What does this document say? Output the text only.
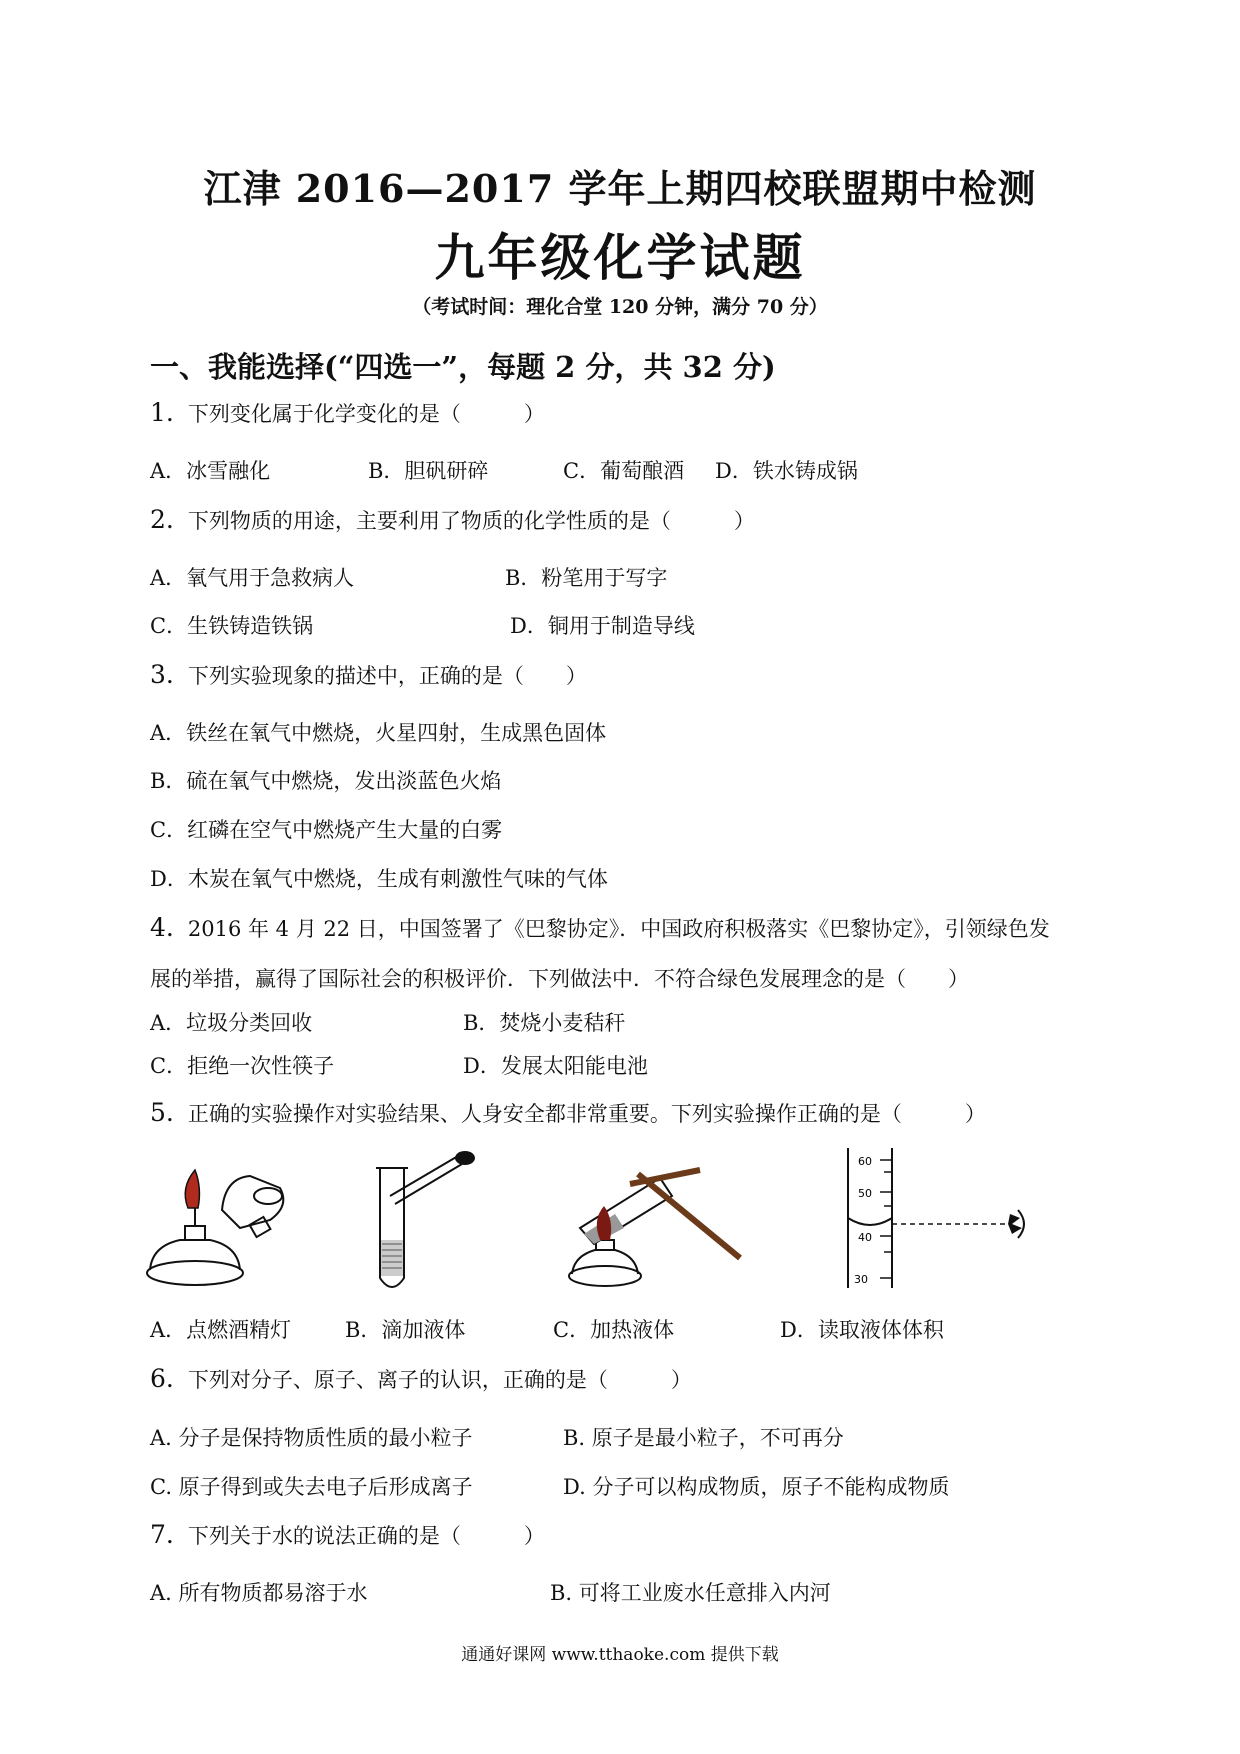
江津 2016—2017 学年上期四校联盟期中检测
九年级化学试题
（考试时间：理化合堂 120 分钟，满分 70 分）
一、我能选择(“四选一”，每题 2 分，共 32 分)
1. 下列变化属于化学变化的是（　　　）
A．冰雪融化	B．胆矾研碎	C．葡萄酿酒 D．铁水铸成锅
2. 下列物质的用途，主要利用了物质的化学性质的是（　　　）
A．氧气用于急救病人	B．粉笔用于写字
C．生铁铸造铁锅	D．铜用于制造导线
3. 下列实验现象的描述中，正确的是（　　）
A．铁丝在氧气中燃烧，火星四射，生成黑色固体
B．硫在氧气中燃烧，发出淡蓝色火焰
C．红磷在空气中燃烧产生大量的白雾
D．木炭在氧气中燃烧，生成有刺激性气味的气体
4. 2016 年 4 月 22 日，中国签署了《巴黎协定》．中国政府积极落实《巴黎协定》，引领绿色发
展的举措，赢得了国际社会的积极评价．下列做法中．不符合绿色发展理念的是（　　）
A．垃圾分类回收	B．焚烧小麦秸秆
C．拒绝一次性筷子	D．发展太阳能电池
5. 正确的实验操作对实验结果、人身安全都非常重要。下列实验操作正确的是（　　　）
60
50
40
30
A．点燃酒精灯	B．滴加液体	C．加热液体	D．读取液体体积
6. 下列对分子、原子、离子的认识，正确的是（　　　）
A. 分子是保持物质性质的最小粒子	B. 原子是最小粒子，不可再分
C. 原子得到或失去电子后形成离子	D. 分子可以构成物质，原子不能构成物质
7. 下列关于水的说法正确的是（　　　）
A. 所有物质都易溶于水	B. 可将工业废水任意排入内河
通通好课网 www.tthaoke.com 提供下载
